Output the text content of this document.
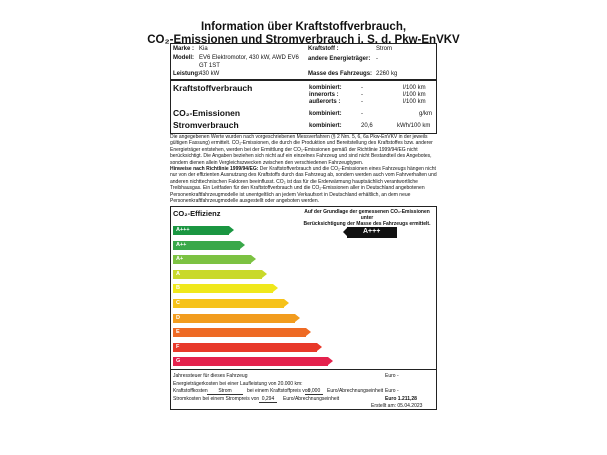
Information über Kraftstoffverbrauch,
CO₂-Emissionen und Stromverbrauch i. S. d. Pkw-EnVKV
Marke : Kia
Modell: EV6 Elektromotor, 430 kW, AWD EV6
GT 1ST
Leistung: 430 kW
Kraftstoff :	Strom
andere Energieträger: -
Masse des Fahrzeugs: 2260 kg
Kraftstoffverbrauch	kombiniert:	-	l/100 km
innerorts :	-	l/100 km
außerorts :	-	l/100 km
CO₂-Emissionen	kombiniert:	-	g/km
Stromverbrauch	kombiniert:	20,6	kWh/100 km
Die angegebenen Werte wurden nach vorgeschriebenen Messverfahren (§ 2 Nrn. 5, 6, 6a Pkw-EnVKV in der jeweils gültigen Fassung) ermittelt. CO₂-Emissionen, die durch die Produktion und Bereitstellung des Kraftstoffes bzw. anderer Energieträger entstehen, werden bei der Ermittlung der CO₂-Emissionen gemäß der Richtlinie 1999/94/EG nicht berücksichtigt. Die Angaben beziehen sich nicht auf ein einzelnes Fahrzeug und sind nicht Bestandteil des Angebotes, sondern dienen allein Vergleichszwecken zwischen den verschiedenen Fahrzeugtypen.
Hinweise nach Richtlinie 1999/94/EG: Der Kraftstoffverbrauch und die CO₂-Emissionen eines Fahrzeugs hängen nicht nur von der effizienten Ausnutzung des Kraftstoffs durch das Fahrzeug ab, sondern werden auch vom Fahrverhalten und anderen nichttechnischen Faktoren beeinflusst. CO₂ ist das für die Erderwärmung hauptsächlich verantwortliche Treibhausgas. Ein Leitfaden für den Kraftstoffverbrauch und die CO₂-Emissionen aller in Deutschland angebotenen Personenkraftfahrzeugmodelle ist unentgeltlich an jedem Verkaufsort in Deutschland erhältlich, an dem neue Personenkraftfahrzeugmodelle ausgestellt oder angeboten werden.
CO₂-Effizienz	Auf der Grundlage der gemessenen CO₂-Emissionen unter
Berücksichtigung der Masse des Fahrzeugs ermittelt.
A+++
A++
A+
A
B
C
D
E
F
G
A+++
Jahressteuer für dieses Fahrzeug	Euro -
Energieträgerkosten bei einer Laufleistung von 20.000 km:
Kraftstoffkosten	Strom	bei einem Kraftstoffpreis von
0,000	Euro/Abrechnungseinheit Euro -
Stromkosten bei einem Strompreis von 0,294	Euro/Abrechnungseinheit	Euro 1.211,28
Erstellt am: 05.04.2023
